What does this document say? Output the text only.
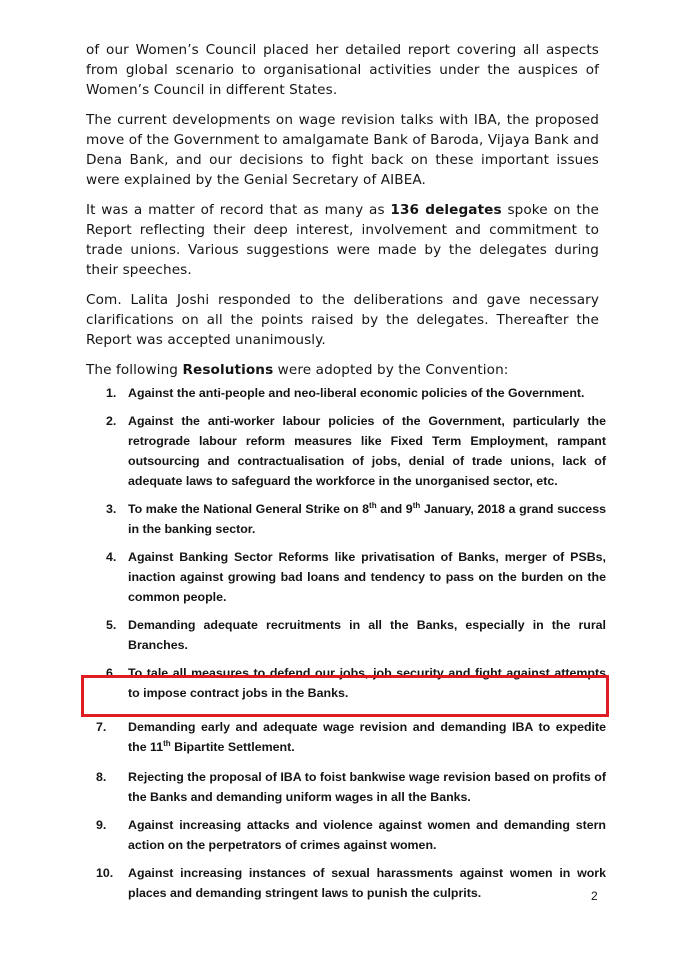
of our Women’s Council placed her detailed report covering all aspects from global scenario to organisational activities under the auspices of Women’s Council in different States.

The current developments on wage revision talks with IBA, the proposed move of the Government to amalgamate Bank of Baroda, Vijaya Bank and Dena Bank, and our decisions to fight back on these important issues were explained by the Genial Secretary of AIBEA.

It was a matter of record that as many as 136 delegates spoke on the Report reflecting their deep interest, involvement and commitment to trade unions. Various suggestions were made by the delegates during their speeches.

Com. Lalita Joshi responded to the deliberations and gave necessary clarifications on all the points raised by the delegates. Thereafter the Report was accepted unanimously.

The following Resolutions were adopted by the Convention:

1. Against the anti-people and neo-liberal economic policies of the Government.
2. Against the anti-worker labour policies of the Government, particularly the retrograde labour reform measures like Fixed Term Employment, rampant outsourcing and contractualisation of jobs, denial of trade unions, lack of adequate laws to safeguard the workforce in the unorganised sector, etc.
3. To make the National General Strike on 8th and 9th January, 2018 a grand success in the banking sector.
4. Against Banking Sector Reforms like privatisation of Banks, merger of PSBs, inaction against growing bad loans and tendency to pass on the burden on the common people.
5. Demanding adequate recruitments in all the Banks, especially in the rural Branches.
6. To tale all measures to defend our jobs, job security and fight against attempts to impose contract jobs in the Banks.
7. Demanding early and adequate wage revision and demanding IBA to expedite the 11th Bipartite Settlement.
8. Rejecting the proposal of IBA to foist bankwise wage revision based on profits of the Banks and demanding uniform wages in all the Banks.
9. Against increasing attacks and violence against women and demanding stern action on the perpetrators of crimes against women.
10. Against increasing instances of sexual harassments against women in work places and demanding stringent laws to punish the culprits.	2
